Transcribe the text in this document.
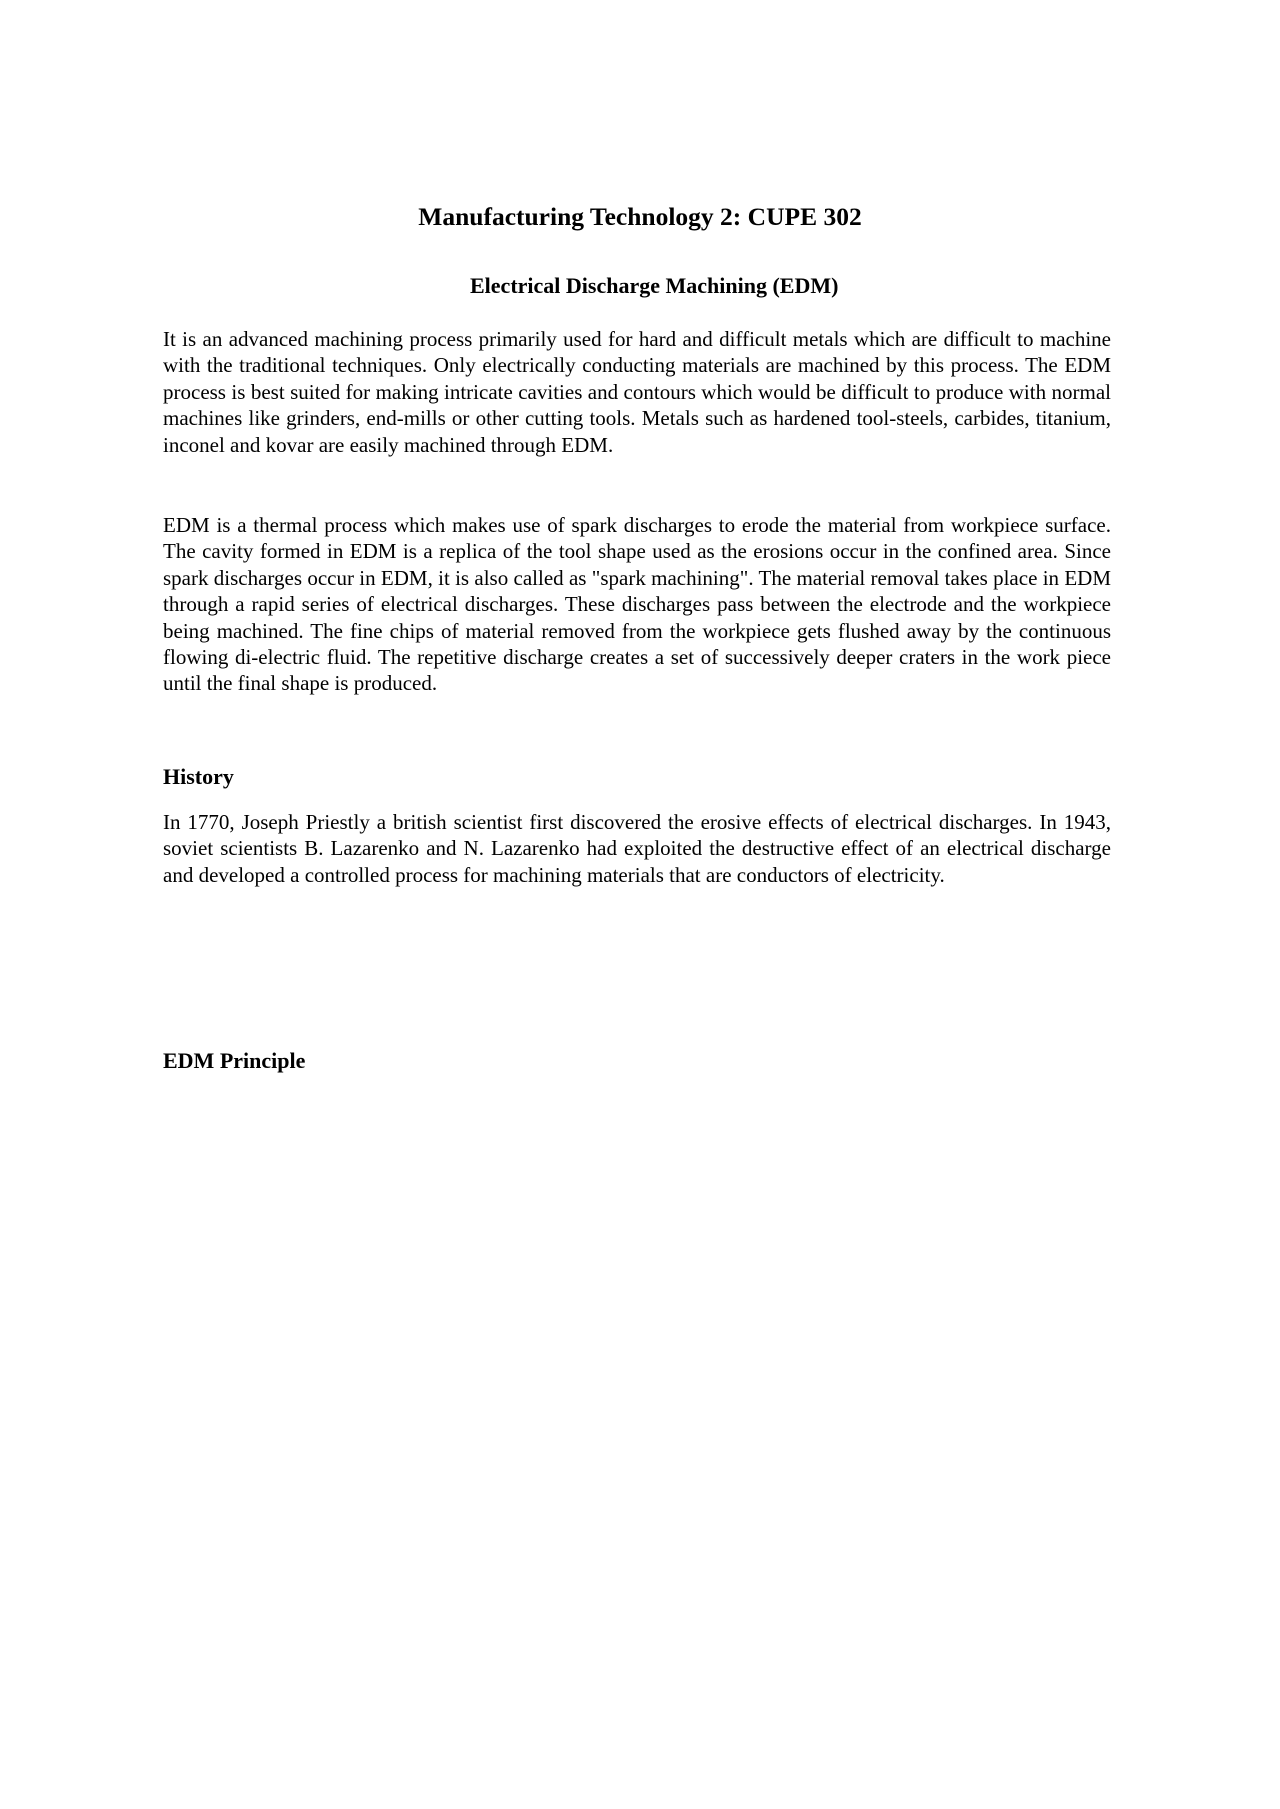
Manufacturing Technology 2: CUPE 302
Electrical Discharge Machining (EDM)

It is an advanced machining process primarily used for hard and difficult metals which are difficult to machine with the traditional techniques. Only electrically conducting materials are machined by this process. The EDM process is best suited for making intricate cavities and contours which would be difficult to produce with normal machines like grinders, end-mills or other cutting tools. Metals such as hardened tool-steels, carbides, titanium, inconel and kovar are easily machined through EDM.

EDM is a thermal process which makes use of spark discharges to erode the material from workpiece surface. The cavity formed in EDM is a replica of the tool shape used as the erosions occur in the confined area. Since spark discharges occur in EDM, it is also called as "spark machining". The material removal takes place in EDM through a rapid series of electrical discharges. These discharges pass between the electrode and the workpiece being machined. The fine chips of material removed from the workpiece gets flushed away by the continuous flowing di-electric fluid. The repetitive discharge creates a set of successively deeper craters in the work piece until the final shape is produced.

History

In 1770, Joseph Priestly a british scientist first discovered the erosive effects of electrical discharges. In 1943, soviet scientists B. Lazarenko and N. Lazarenko had exploited the destructive effect of an electrical discharge and developed a controlled process for machining materials that are conductors of electricity.

EDM Principle
